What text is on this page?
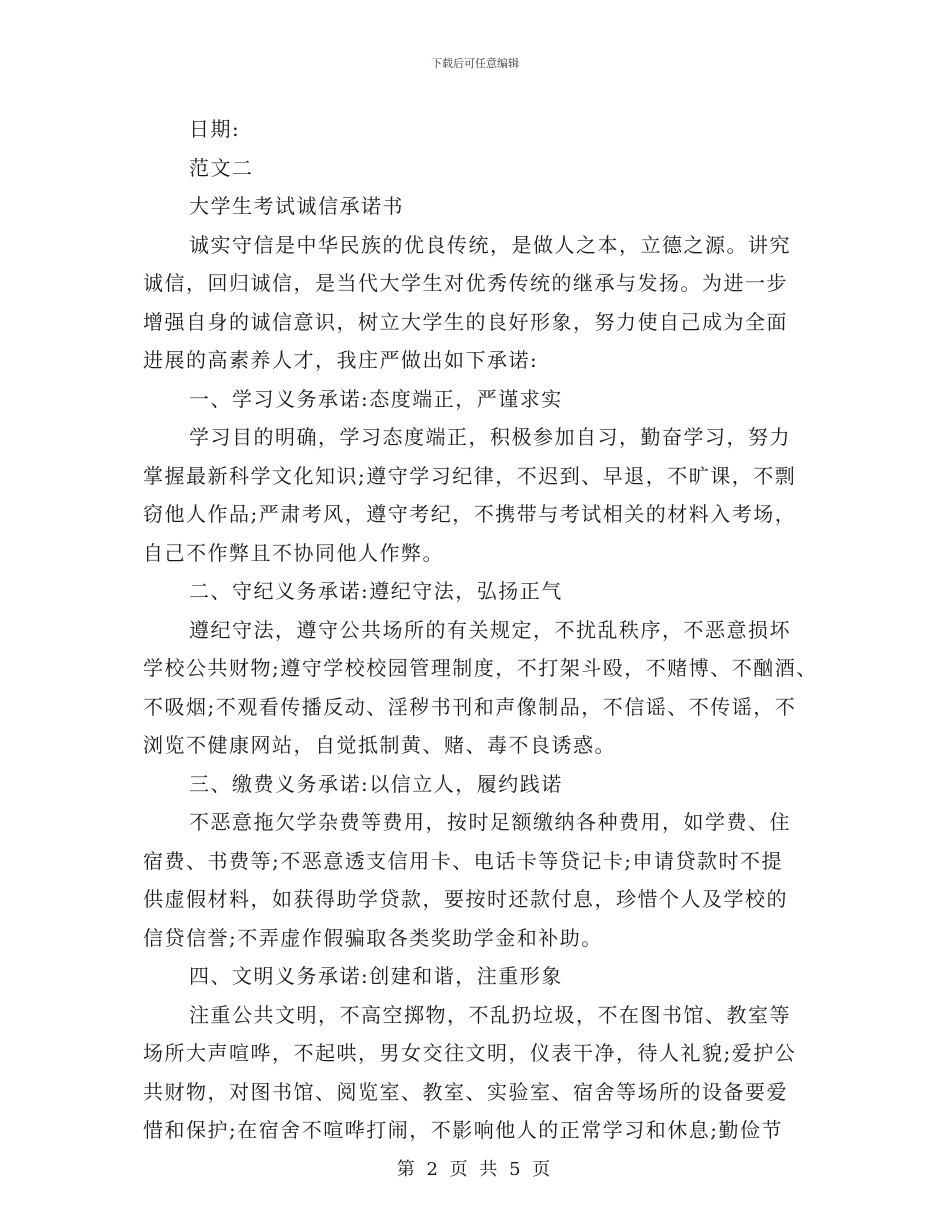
下载后可任意编辑
日期:
范文二
大学生考试诚信承诺书
诚实守信是中华民族的优良传统，是做人之本，立德之源。讲究
诚信，回归诚信，是当代大学生对优秀传统的继承与发扬。为进一步
增强自身的诚信意识，树立大学生的良好形象，努力使自己成为全面
进展的高素养人才，我庄严做出如下承诺:
一、学习义务承诺:态度端正，严谨求实
学习目的明确，学习态度端正，积极参加自习，勤奋学习，努力
掌握最新科学文化知识;遵守学习纪律，不迟到、早退，不旷课，不剽
窃他人作品;严肃考风，遵守考纪，不携带与考试相关的材料入考场，
自己不作弊且不协同他人作弊。
二、守纪义务承诺:遵纪守法，弘扬正气
遵纪守法，遵守公共场所的有关规定，不扰乱秩序，不恶意损坏
学校公共财物;遵守学校校园管理制度，不打架斗殴，不赌博、不酗酒、
不吸烟;不观看传播反动、淫秽书刊和声像制品，不信谣、不传谣，不
浏览不健康网站，自觉抵制黄、赌、毒不良诱惑。
三、缴费义务承诺:以信立人，履约践诺
不恶意拖欠学杂费等费用，按时足额缴纳各种费用，如学费、住
宿费、书费等;不恶意透支信用卡、电话卡等贷记卡;申请贷款时不提
供虚假材料，如获得助学贷款，要按时还款付息，珍惜个人及学校的
信贷信誉;不弄虚作假骗取各类奖助学金和补助。
四、文明义务承诺:创建和谐，注重形象
注重公共文明，不高空掷物，不乱扔垃圾，不在图书馆、教室等
场所大声喧哗，不起哄，男女交往文明，仪表干净，待人礼貌;爱护公
共财物，对图书馆、阅览室、教室、实验室、宿舍等场所的设备要爱
惜和保护;在宿舍不喧哗打闹，不影响他人的正常学习和休息;勤俭节
第 2 页 共 5 页
